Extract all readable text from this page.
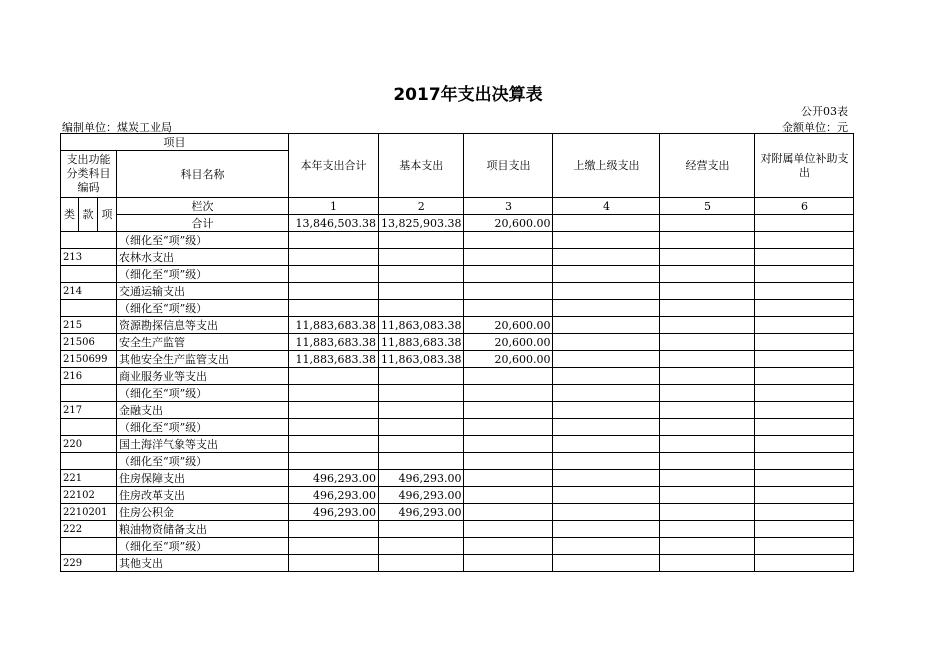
2017年支出决算表
公开03表
编制单位：煤炭工业局	金额单位：元
项目				本年支出合计	基本支出	项目支出	上缴上级支出	经营支出	对附属单位补助支出
支出功能分类科目编码			科目名称						

类	款	项	栏次	1	2	3	4	5	6
			合计	13,846,503.38	13,825,903.38	20,600.00			
			（细化至“项”级）						
213			农林水支出						
			（细化至“项”级）						
214			交通运输支出						
			（细化至“项”级）						
215			资源勘探信息等支出	11,883,683.38	11,863,083.38	20,600.00			
21506			安全生产监管	11,883,683.38	11,883,683.38	20,600.00			
2150699			其他安全生产监管支出	11,883,683.38	11,863,083.38	20,600.00			
216			商业服务业等支出						
			（细化至“项”级）						
217			金融支出						
			（细化至“项”级）						
220			国土海洋气象等支出						
			（细化至“项”级）						
221			住房保障支出	496,293.00	496,293.00				
22102			住房改革支出	496,293.00	496,293.00				
2210201			住房公积金	496,293.00	496,293.00				
222			粮油物资储备支出						
			（细化至“项”级）						
229			其他支出						
